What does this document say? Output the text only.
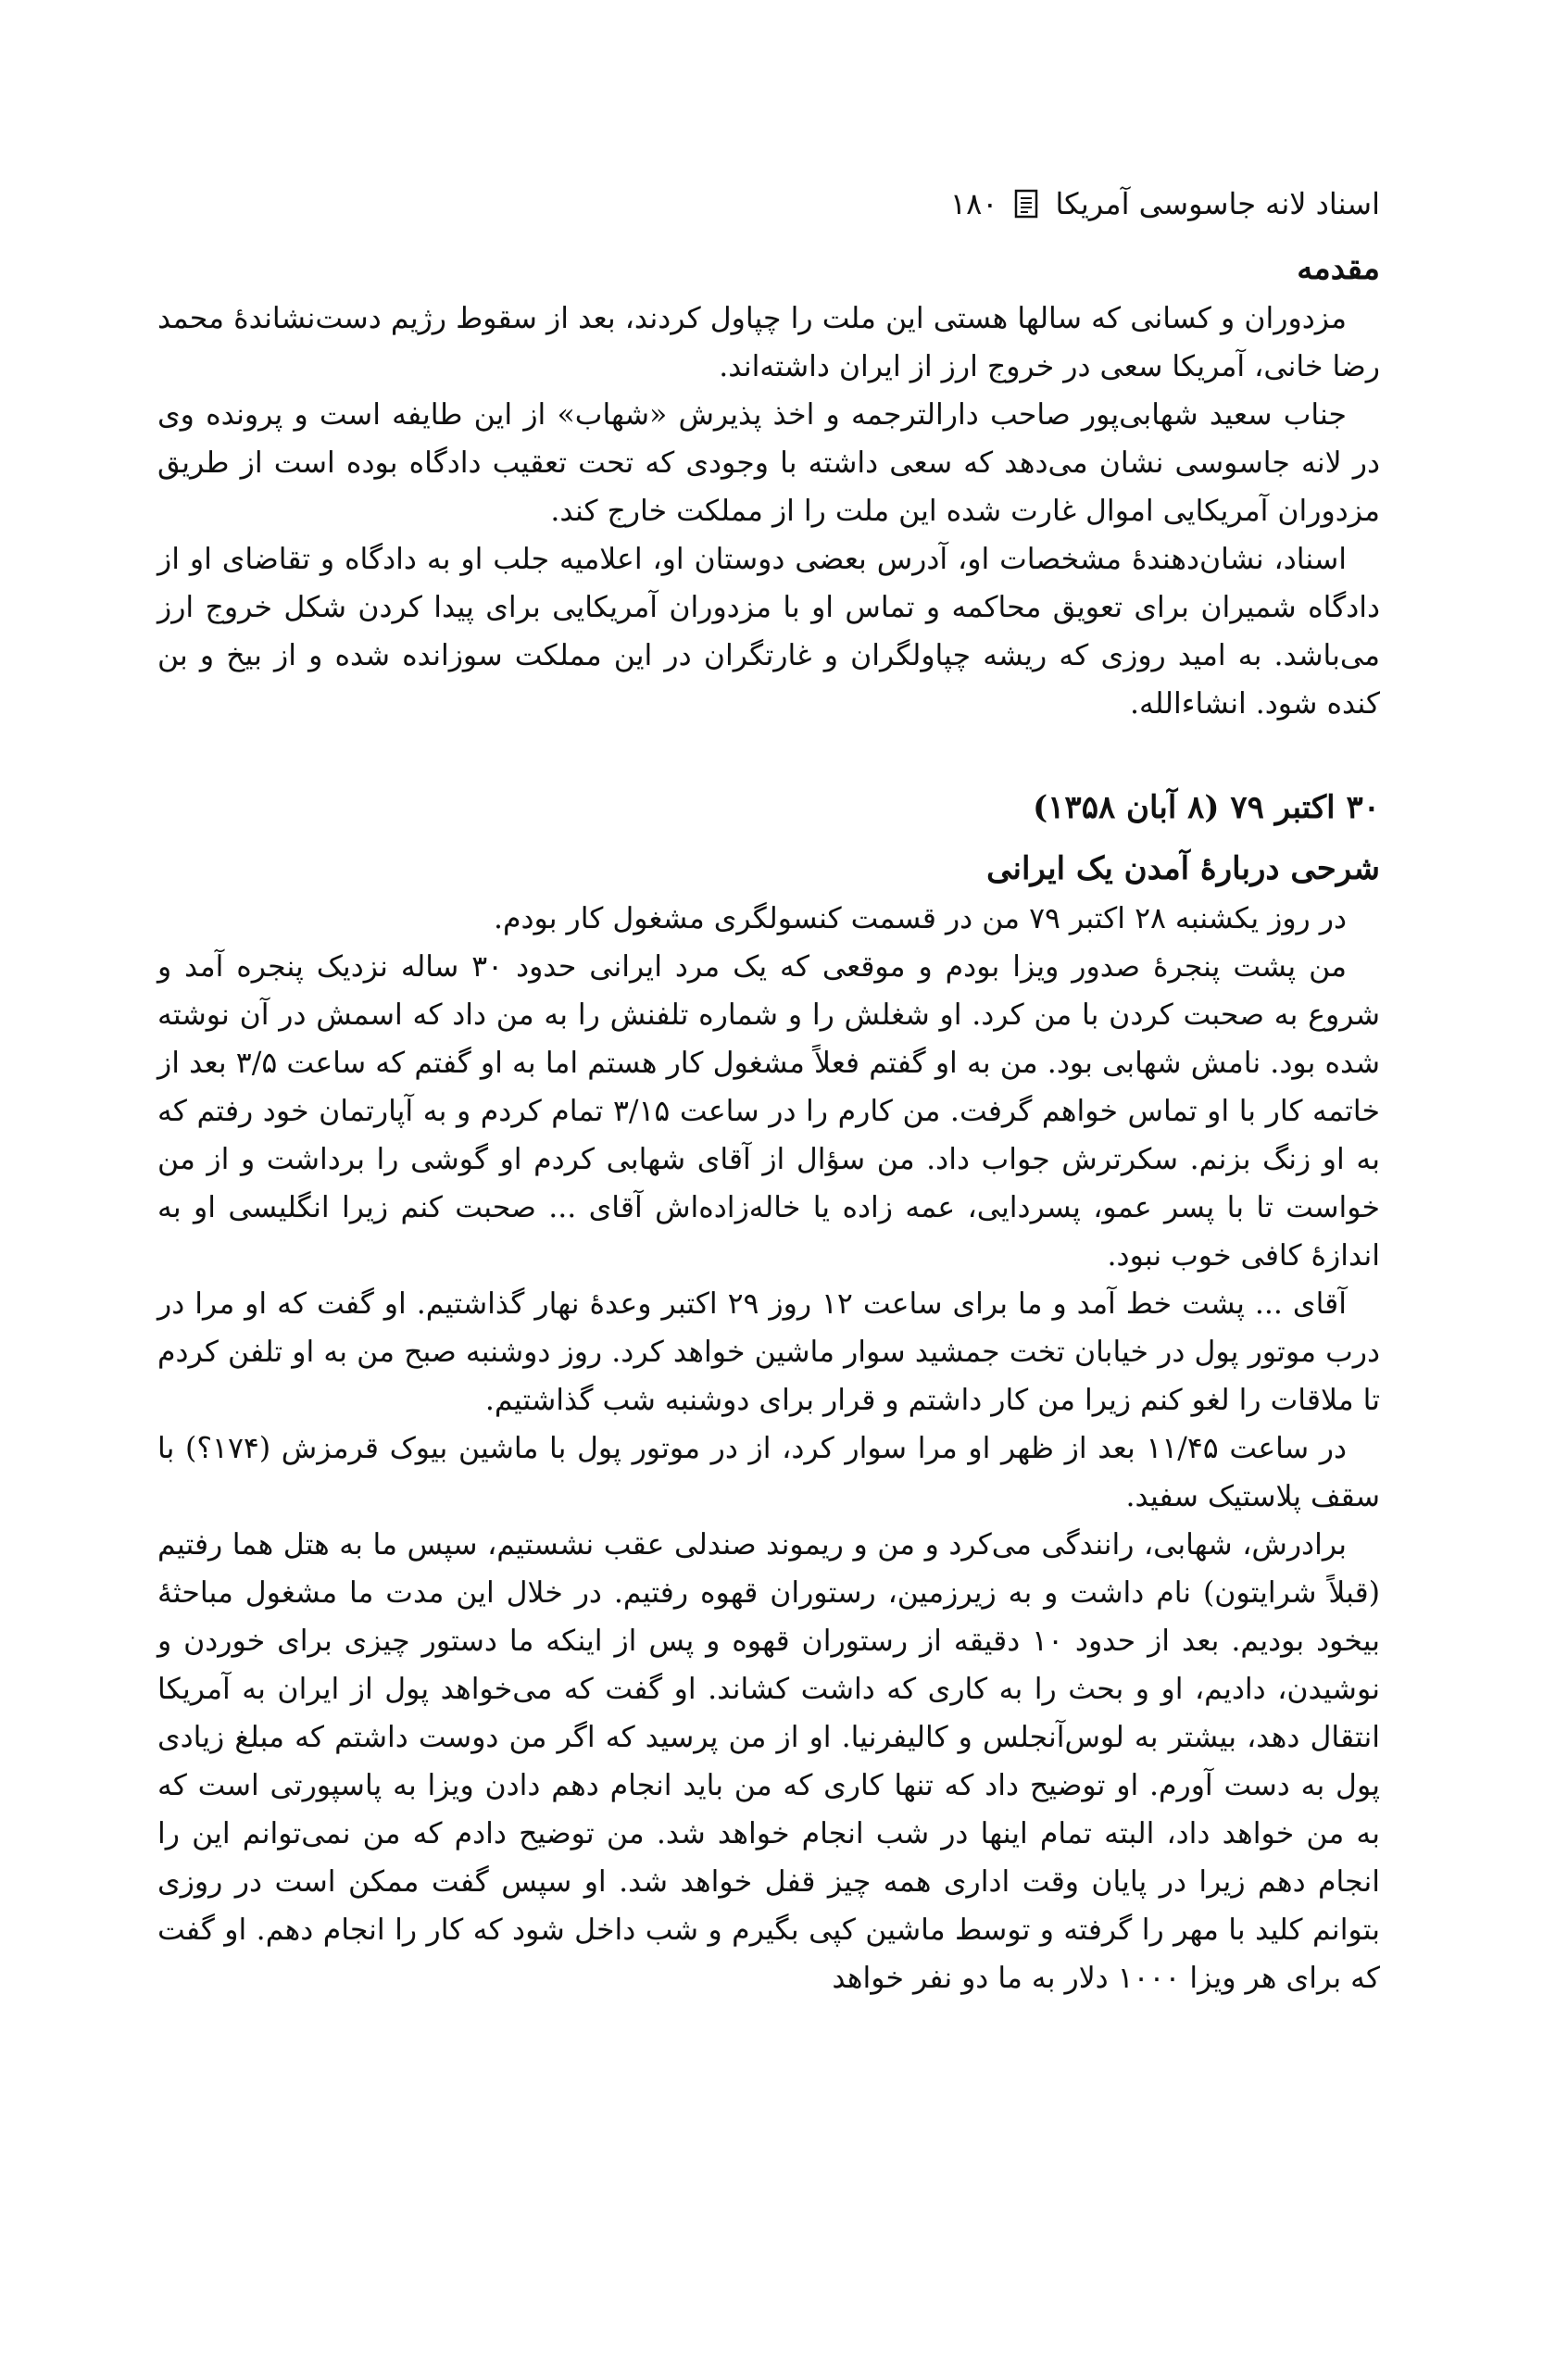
اسناد لانه جاسوسی آمریکا
۱۸۰
مقدمه

مزدوران و کسانی که سالها هستی این ملت را چپاول کردند، بعد از سقوط رژیم دست‌نشاندهٔ محمد رضا خانی، آمریکا سعی در خروج ارز از ایران داشته‌اند.

جناب سعید شهابی‌پور صاحب دارالترجمه و اخذ پذیرش «شهاب» از این طایفه است و پرونده وی در لانه جاسوسی نشان می‌دهد که سعی داشته با وجودی که تحت تعقیب دادگاه بوده است از طریق مزدوران آمریکایی اموال غارت شده این ملت را از مملکت خارج کند.

اسناد، نشان‌دهندهٔ مشخصات او، آدرس بعضی دوستان او، اعلامیه جلب او به دادگاه و تقاضای او از دادگاه شمیران برای تعویق محاکمه و تماس او با مزدوران آمریکایی برای پیدا کردن شکل خروج ارز می‌باشد. به امید روزی که ریشه چپاولگران و غارتگران در این مملکت سوزانده شده و از بیخ و بن کنده شود. انشاءالله.

۳۰ اکتبر ۷۹ (۸ آبان ۱۳۵۸)
شرحی دربارهٔ آمدن یک ایرانی

در روز یکشنبه ۲۸ اکتبر ۷۹ من در قسمت کنسولگری مشغول کار بودم.

من پشت پنجرهٔ صدور ویزا بودم و موقعی که یک مرد ایرانی حدود ۳۰ ساله نزدیک پنجره آمد و شروع به صحبت کردن با من کرد. او شغلش را و شماره تلفنش را به من داد که اسمش در آن نوشته شده بود. نامش شهابی بود. من به او گفتم فعلاً مشغول کار هستم اما به او گفتم که ساعت ۳/۵ بعد از خاتمه کار با او تماس خواهم گرفت. من کارم را در ساعت ۳/۱۵ تمام کردم و به آپارتمان خود رفتم که به او زنگ بزنم. سکرترش جواب داد. من سؤال از آقای شهابی کردم او گوشی را برداشت و از من خواست تا با پسر عمو، پسردایی، عمه زاده یا خاله‌زاده‌اش آقای ... صحبت کنم زیرا انگلیسی او به اندازهٔ کافی خوب نبود.

آقای ... پشت خط آمد و ما برای ساعت ۱۲ روز ۲۹ اکتبر وعدهٔ نهار گذاشتیم. او گفت که او مرا در درب موتور پول در خیابان تخت جمشید سوار ماشین خواهد کرد. روز دوشنبه صبح من به او تلفن کردم تا ملاقات را لغو کنم زیرا من کار داشتم و قرار برای دوشنبه شب گذاشتیم.

در ساعت ۱۱/۴۵ بعد از ظهر او مرا سوار کرد، از در موتور پول با ماشین بیوک قرمزش (۱۷۴؟) با سقف پلاستیک سفید.

برادرش، شهابی، رانندگی می‌کرد و من و ریموند صندلی عقب نشستیم، سپس ما به هتل هما رفتیم (قبلاً شرایتون) نام داشت و به زیرزمین، رستوران قهوه رفتیم. در خلال این مدت ما مشغول مباحثهٔ بیخود بودیم. بعد از حدود ۱۰ دقیقه از رستوران قهوه و پس از اینکه ما دستور چیزی برای خوردن و نوشیدن، دادیم، او و بحث را به کاری که داشت کشاند. او گفت که می‌خواهد پول از ایران به آمریکا انتقال دهد، بیشتر به لوس‌آنجلس و کالیفرنیا. او از من پرسید که اگر من دوست داشتم که مبلغ زیادی پول به دست آورم. او توضیح داد که تنها کاری که من باید انجام دهم دادن ویزا به پاسپورتی است که به من خواهد داد، البته تمام اینها در شب انجام خواهد شد. من توضیح دادم که من نمی‌توانم این را انجام دهم زیرا در پایان وقت اداری همه چیز قفل خواهد شد. او سپس گفت ممکن است در روزی بتوانم کلید با مهر را گرفته و توسط ماشین کپی بگیرم و شب داخل شود که کار را انجام دهم. او گفت که برای هر ویزا ۱۰۰۰ دلار به ما دو نفر خواهد
